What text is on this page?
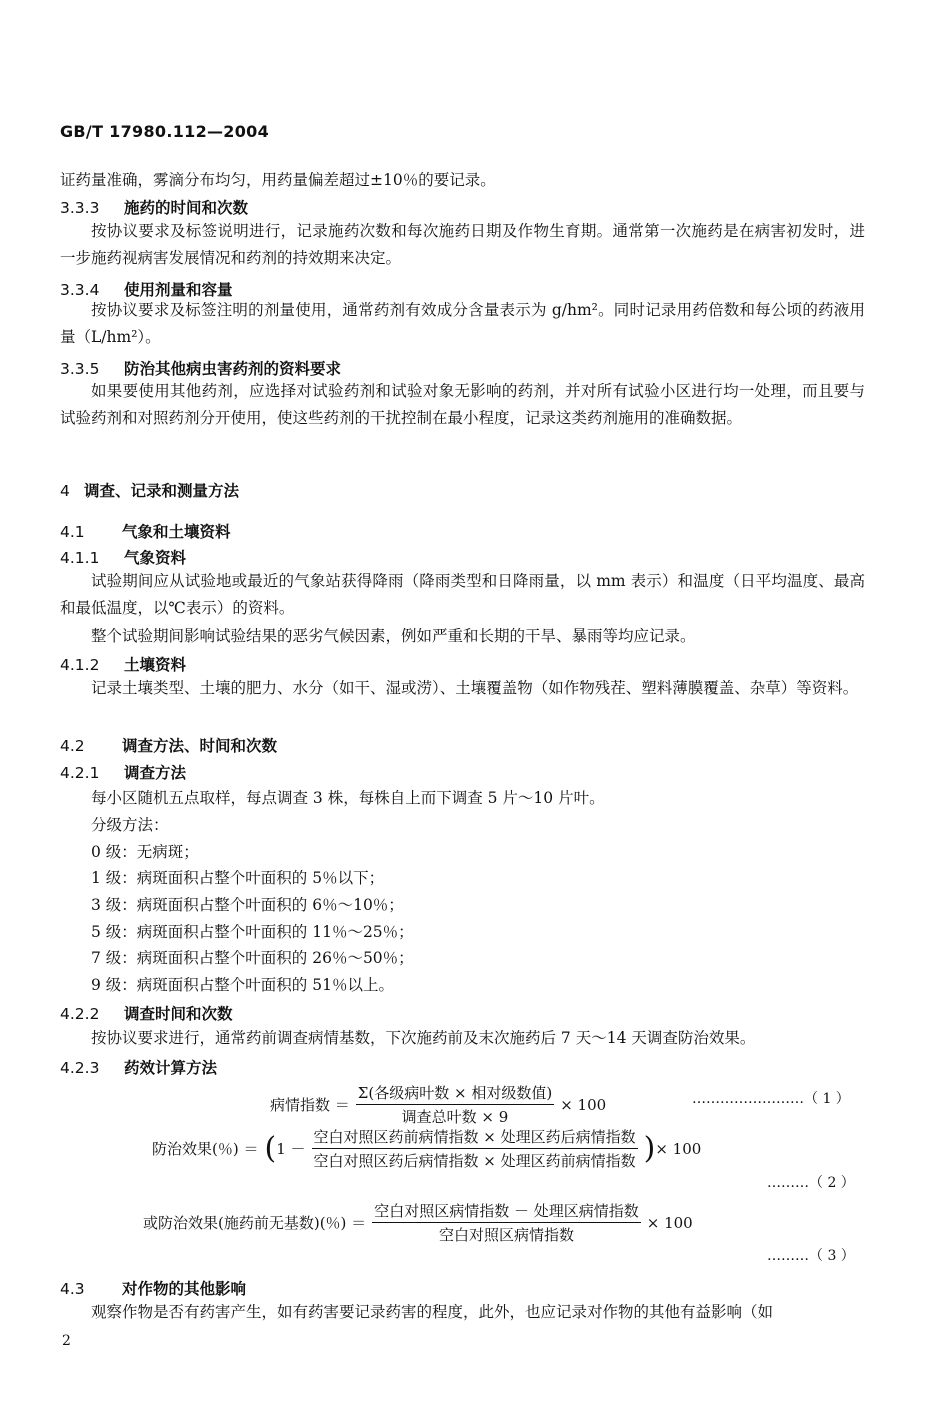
GB/T 17980.112—2004
证药量准确，雾滴分布均匀，用药量偏差超过±10％的要记录。
3.3.3 施药的时间和次数
按协议要求及标签说明进行，记录施药次数和每次施药日期及作物生育期。通常第一次施药是在病害初发时，进一步施药视病害发展情况和药剂的持效期来决定。
3.3.4 使用剂量和容量
按协议要求及标签注明的剂量使用，通常药剂有效成分含量表示为 g/hm²。同时记录用药倍数和每公顷的药液用量（L/hm²）。
3.3.5 防治其他病虫害药剂的资料要求
如果要使用其他药剂，应选择对试验药剂和试验对象无影响的药剂，并对所有试验小区进行均一处理，而且要与试验药剂和对照药剂分开使用，使这些药剂的干扰控制在最小程度，记录这类药剂施用的准确数据。
4 调查、记录和测量方法
4.1 气象和土壤资料
4.1.1 气象资料
试验期间应从试验地或最近的气象站获得降雨（降雨类型和日降雨量，以 mm 表示）和温度（日平均温度、最高和最低温度，以℃表示）的资料。
整个试验期间影响试验结果的恶劣气候因素，例如严重和长期的干旱、暴雨等均应记录。
4.1.2 土壤资料
记录土壤类型、土壤的肥力、水分（如干、湿或涝）、土壤覆盖物（如作物残茬、塑料薄膜覆盖、杂草）等资料。
4.2 调查方法、时间和次数
4.2.1 调查方法
每小区随机五点取样，每点调查 3 株，每株自上而下调查 5 片～10 片叶。
分级方法：
0 级：无病斑；
1 级：病斑面积占整个叶面积的 5％以下；
3 级：病斑面积占整个叶面积的 6％～10％；
5 级：病斑面积占整个叶面积的 11％～25％；
7 级：病斑面积占整个叶面积的 26％～50％；
9 级：病斑面积占整个叶面积的 51％以上。
4.2.2 调查时间和次数
按协议要求进行，通常药前调查病情基数，下次施药前及末次施药后 7 天～14 天调查防治效果。
4.2.3 药效计算方法
病情指数 ＝ $\frac{\text{Σ(各级病叶数 × 相对级数值)}}{\text{调查总叶数 × 9}} \times 100$	……………………（ 1 ）
防治效果(％) ＝ ( $1 - \frac{\text{空白对照区药前病情指数 × 处理区药后病情指数}}{\text{空白对照区药后病情指数 × 处理区药前病情指数}}$ ) × 100
………（ 2 ）
或防治效果(施药前无基数)(％) ＝ $\frac{\text{空白对照区病情指数 － 处理区病情指数}}{\text{空白对照区病情指数}} \times 100$
………（ 3 ）
4.3 对作物的其他影响
观察作物是否有药害产生，如有药害要记录药害的程度，此外，也应记录对作物的其他有益影响（如
2
